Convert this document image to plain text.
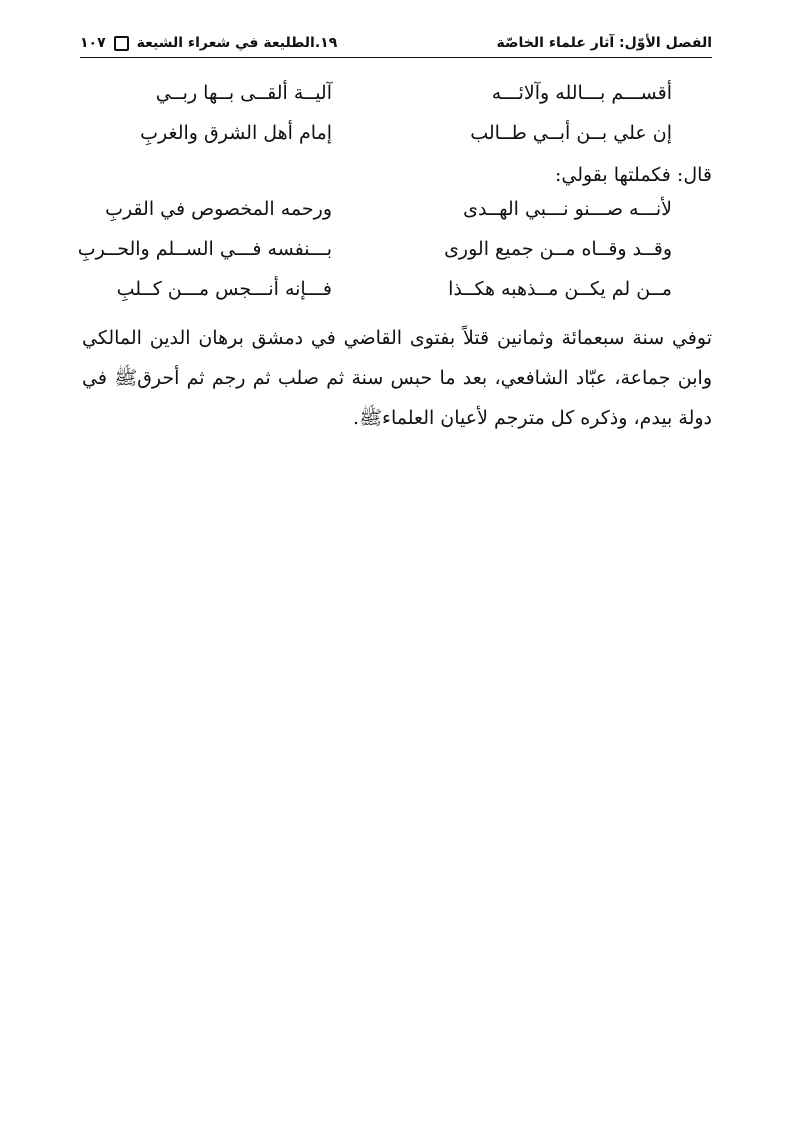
الفصل الأوّل: آثار علماء الخاصّة
١٩.الطليعة في شعراء الشيعة
١٠٧
أقســـم بـــالله وآلائـــه
آليــة ألقــى بــها ربــي
إن علي بــن أبــي طــالب
إمام أهل الشرق والغربِ
قال: فكملتها بقولي:
لأنـــه صـــنو نـــبي الهــدى
ورحمه المخصوص في القربِ
وقــد وقــاه مــن جميع الورى
بـــنفسه فـــي الســلم والحــربِ
مــن لم يكــن مــذهبه هكــذا
فـــإنه أنـــجس مـــن كــلبِ
توفي سنة سبعمائة وثمانين قتلاً بفتوى القاضي في دمشق برهان الدين المالكي وابن جماعة، عبّاد الشافعي، بعد ما حبس سنة ثم صلب ثم رجم ثم أحرقﷺ في دولة بيدم، وذكره كل مترجم لأعيان العلماءﷺ.
